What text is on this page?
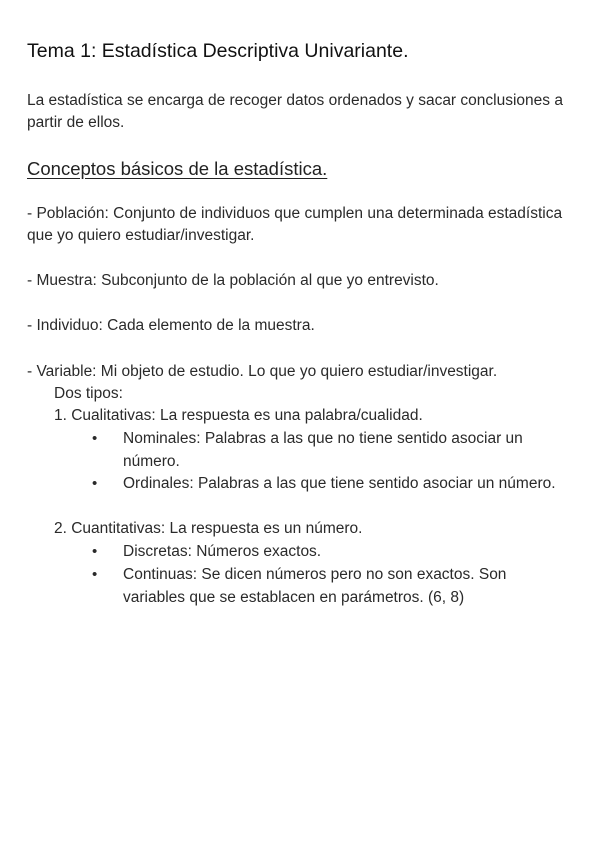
Tema 1: Estadística Descriptiva Univariante.

La estadística se encarga de recoger datos ordenados y sacar conclusiones a partir de ellos.

Conceptos básicos de la estadística.

- Población: Conjunto de individuos que cumplen una determinada estadística que yo quiero estudiar/investigar.

- Muestra: Subconjunto de la población al que yo entrevisto.

- Individuo: Cada elemento de la muestra.

- Variable: Mi objeto de estudio. Lo que yo quiero estudiar/investigar.

Dos tipos:
1. Cualitativas: La respuesta es una palabra/cualidad.
• Nominales: Palabras a las que no tiene sentido asociar un número.
• Ordinales: Palabras a las que tiene sentido asociar un número.
2. Cuantitativas: La respuesta es un número.
• Discretas: Números exactos.
• Continuas: Se dicen números pero no son exactos. Son variables que se establacen en parámetros. (6, 8)
